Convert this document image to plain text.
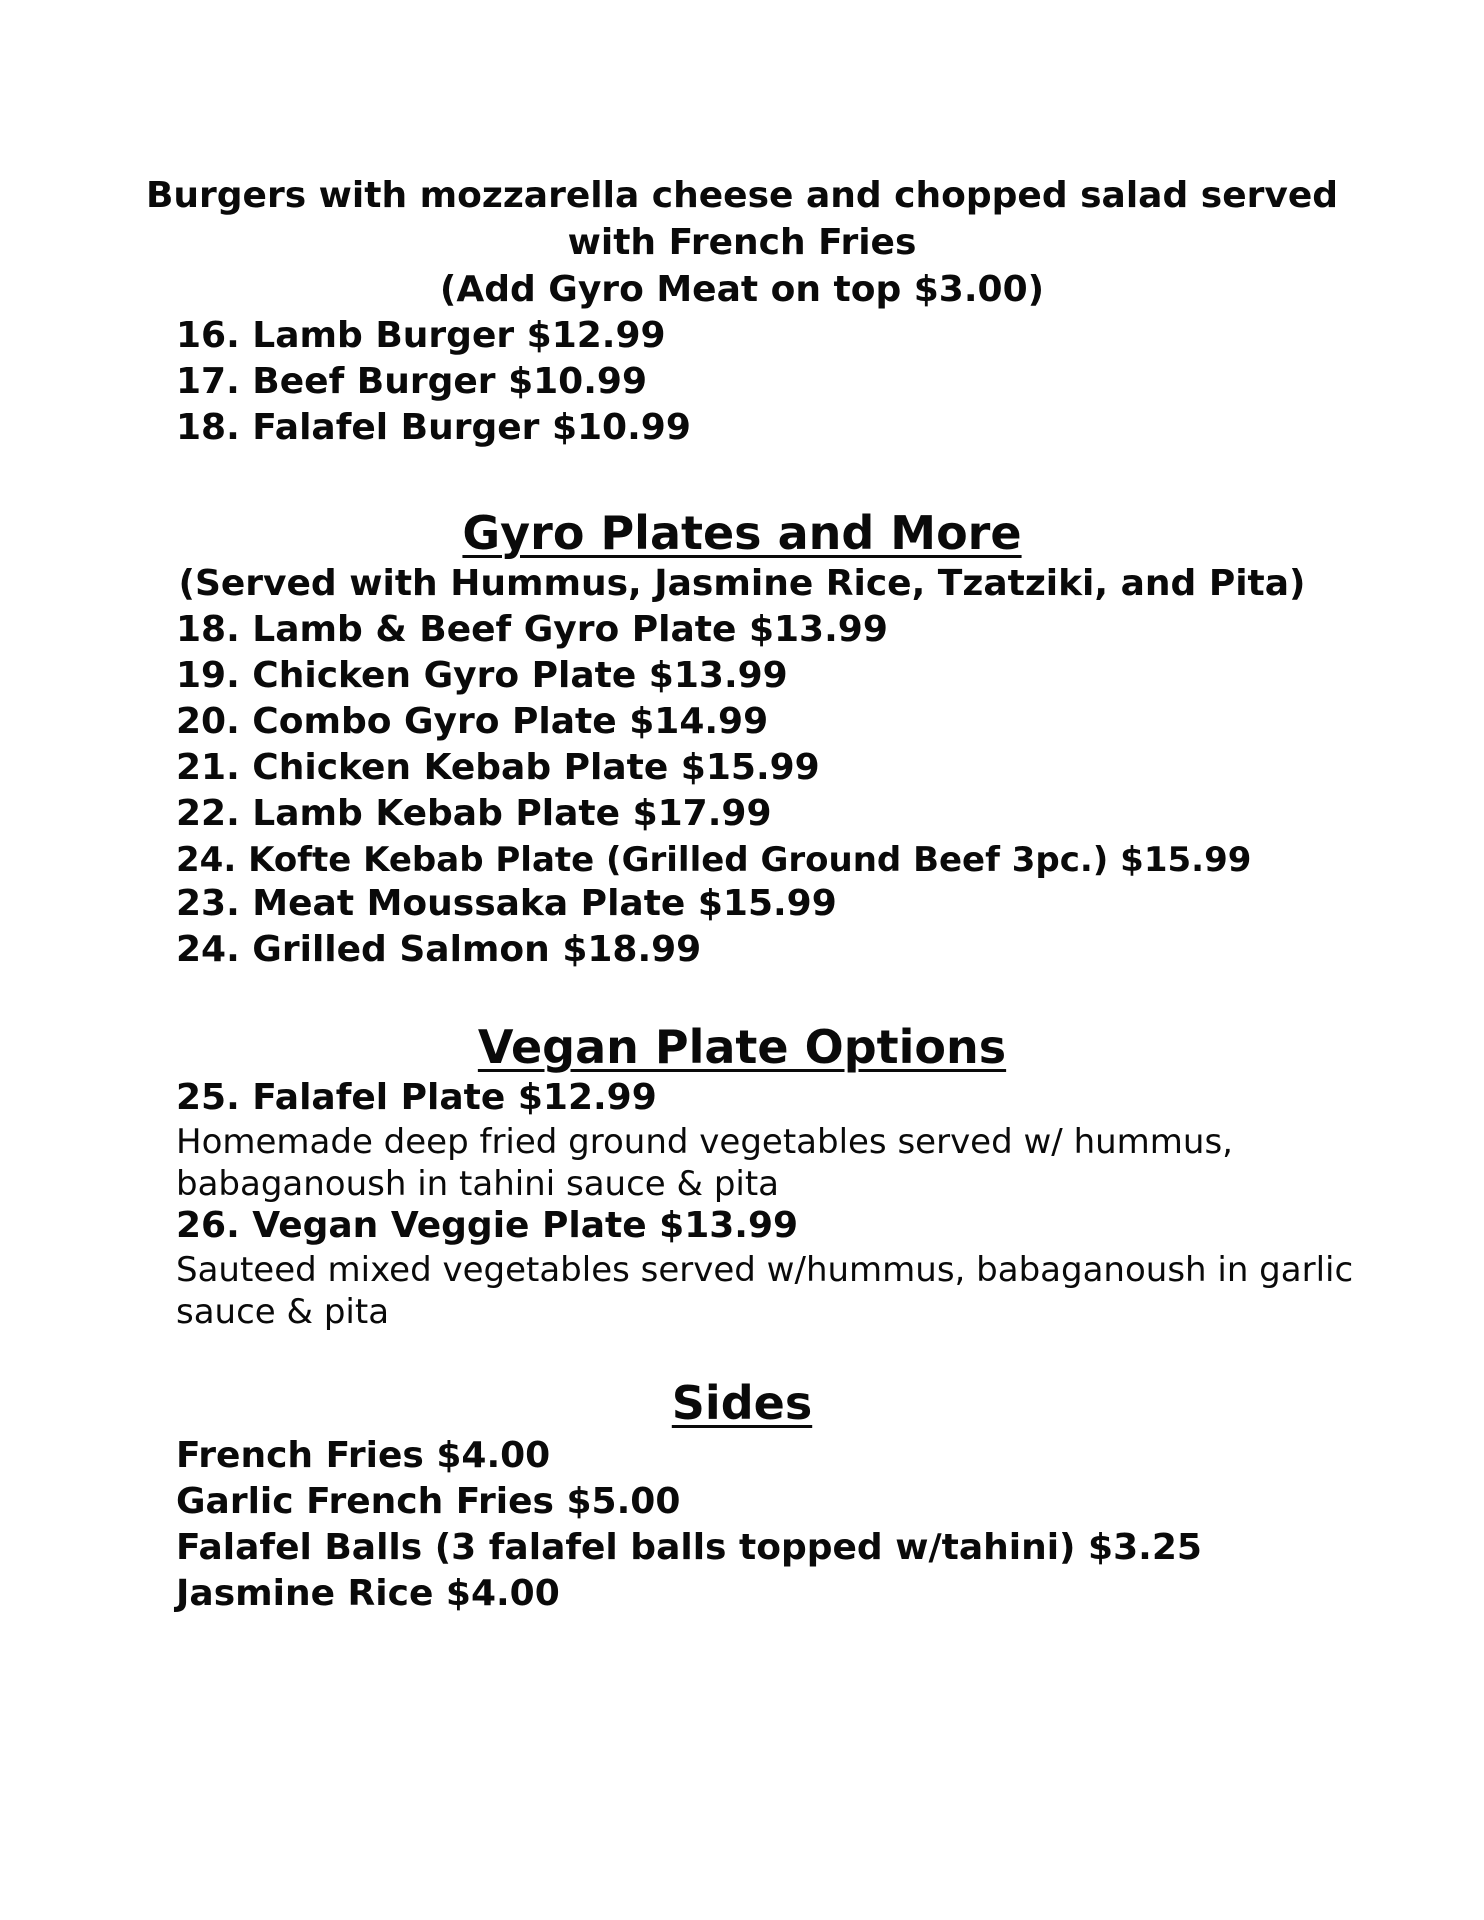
Burgers with mozzarella cheese and chopped salad served
with French Fries
(Add Gyro Meat on top $3.00)
16. Lamb Burger $12.99
17. Beef Burger $10.99
18. Falafel Burger $10.99
Gyro Plates and More
(Served with Hummus, Jasmine Rice, Tzatziki, and Pita)
18. Lamb & Beef Gyro Plate $13.99
19. Chicken Gyro Plate $13.99
20. Combo Gyro Plate $14.99
21. Chicken Kebab Plate $15.99
22. Lamb Kebab Plate $17.99
24. Kofte Kebab Plate (Grilled Ground Beef 3pc.) $15.99
23. Meat Moussaka Plate $15.99
24. Grilled Salmon $18.99
Vegan Plate Options
25. Falafel Plate $12.99
Homemade deep fried ground vegetables served w/ hummus,
babaganoush in tahini sauce & pita
26. Vegan Veggie Plate $13.99
Sauteed mixed vegetables served w/hummus, babaganoush in garlic
sauce & pita
Sides
French Fries $4.00
Garlic French Fries $5.00
Falafel Balls (3 falafel balls topped w/tahini) $3.25
Jasmine Rice $4.00
